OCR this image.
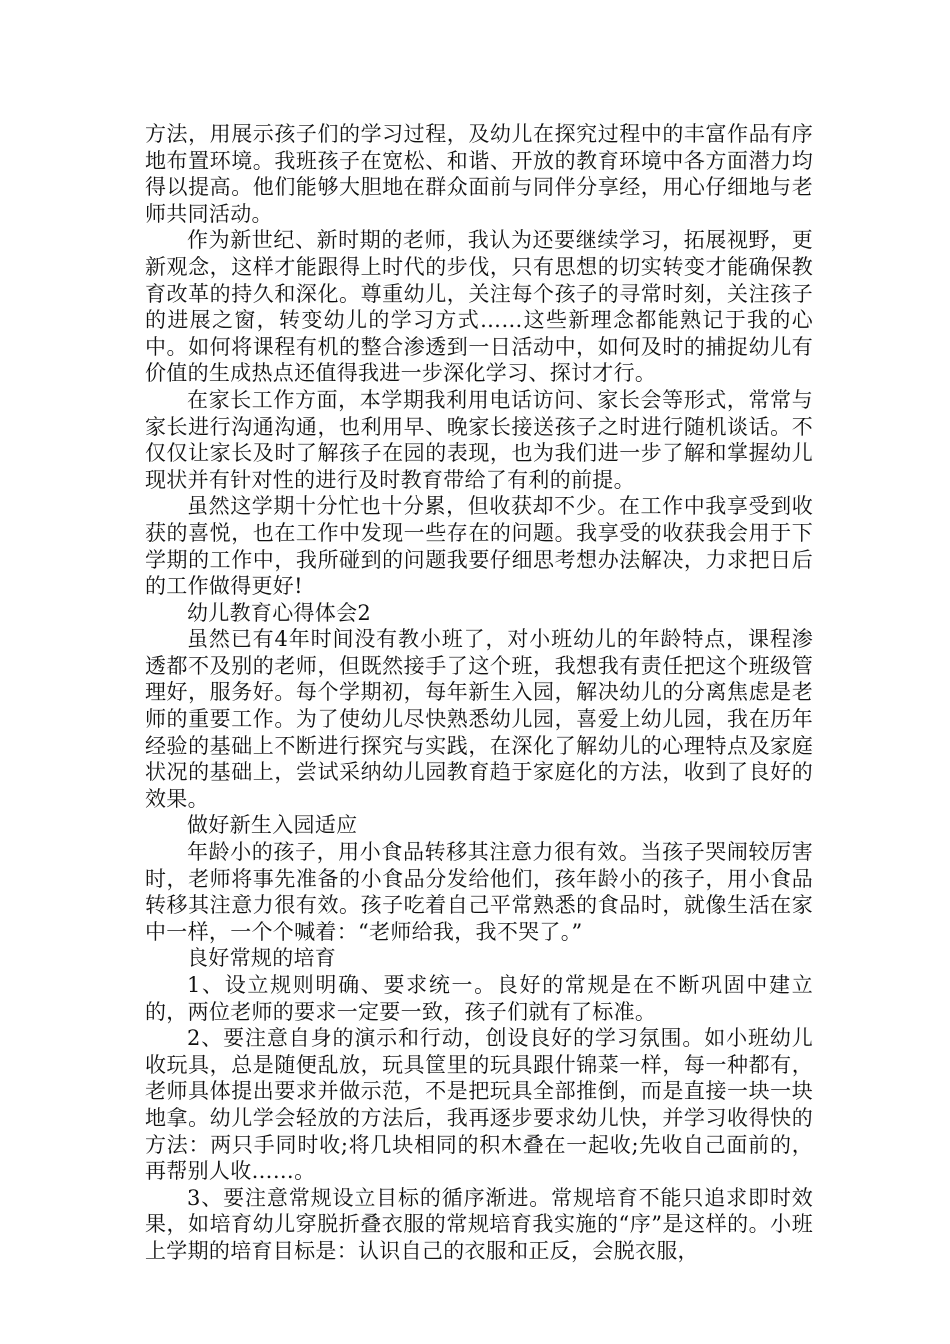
方法，用展示孩子们的学习过程，及幼儿在探究过程中的丰富作品有序地布置环境。我班孩子在宽松、和谐、开放的教育环境中各方面潜力均得以提高。他们能够大胆地在群众面前与同伴分享经，用心仔细地与老师共同活动。

作为新世纪、新时期的老师，我认为还要继续学习，拓展视野，更新观念，这样才能跟得上时代的步伐，只有思想的切实转变才能确保教育改革的持久和深化。尊重幼儿，关注每个孩子的寻常时刻，关注孩子的进展之窗，转变幼儿的学习方式……这些新理念都能熟记于我的心中。如何将课程有机的整合渗透到一日活动中，如何及时的捕捉幼儿有价值的生成热点还值得我进一步深化学习、探讨才行。

在家长工作方面，本学期我利用电话访问、家长会等形式，常常与家长进行沟通沟通，也利用早、晚家长接送孩子之时进行随机谈话。不仅仅让家长及时了解孩子在园的表现，也为我们进一步了解和掌握幼儿现状并有针对性的进行及时教育带给了有利的前提。

虽然这学期十分忙也十分累，但收获却不少。在工作中我享受到收获的喜悦，也在工作中发现一些存在的问题。我享受的收获我会用于下学期的工作中，我所碰到的问题我要仔细思考想办法解决，力求把日后的工作做得更好!

幼儿教育心得体会2

虽然已有4年时间没有教小班了，对小班幼儿的年龄特点，课程渗透都不及别的老师，但既然接手了这个班，我想我有责任把这个班级管理好，服务好。每个学期初，每年新生入园，解决幼儿的分离焦虑是老师的重要工作。为了使幼儿尽快熟悉幼儿园，喜爱上幼儿园，我在历年经验的基础上不断进行探究与实践，在深化了解幼儿的心理特点及家庭状况的基础上，尝试采纳幼儿园教育趋于家庭化的方法，收到了良好的效果。

做好新生入园适应

年龄小的孩子，用小食品转移其注意力很有效。当孩子哭闹较厉害时，老师将事先准备的小食品分发给他们，孩年龄小的孩子，用小食品转移其注意力很有效。孩子吃着自己平常熟悉的食品时，就像生活在家中一样，一个个喊着：“老师给我，我不哭了。”

良好常规的培育

1、设立规则明确、要求统一。良好的常规是在不断巩固中建立的，两位老师的要求一定要一致，孩子们就有了标准。

2、要注意自身的演示和行动，创设良好的学习氛围。如小班幼儿收玩具，总是随便乱放，玩具筐里的玩具跟什锦菜一样，每一种都有，老师具体提出要求并做示范，不是把玩具全部推倒，而是直接一块一块地拿。幼儿学会轻放的方法后，我再逐步要求幼儿快，并学习收得快的方法：两只手同时收;将几块相同的积木叠在一起收;先收自己面前的，再帮别人收……。

3、要注意常规设立目标的循序渐进。常规培育不能只追求即时效果，如培育幼儿穿脱折叠衣服的常规培育我实施的“序”是这样的。小班上学期的培育目标是：认识自己的衣服和正反，会脱衣服，
